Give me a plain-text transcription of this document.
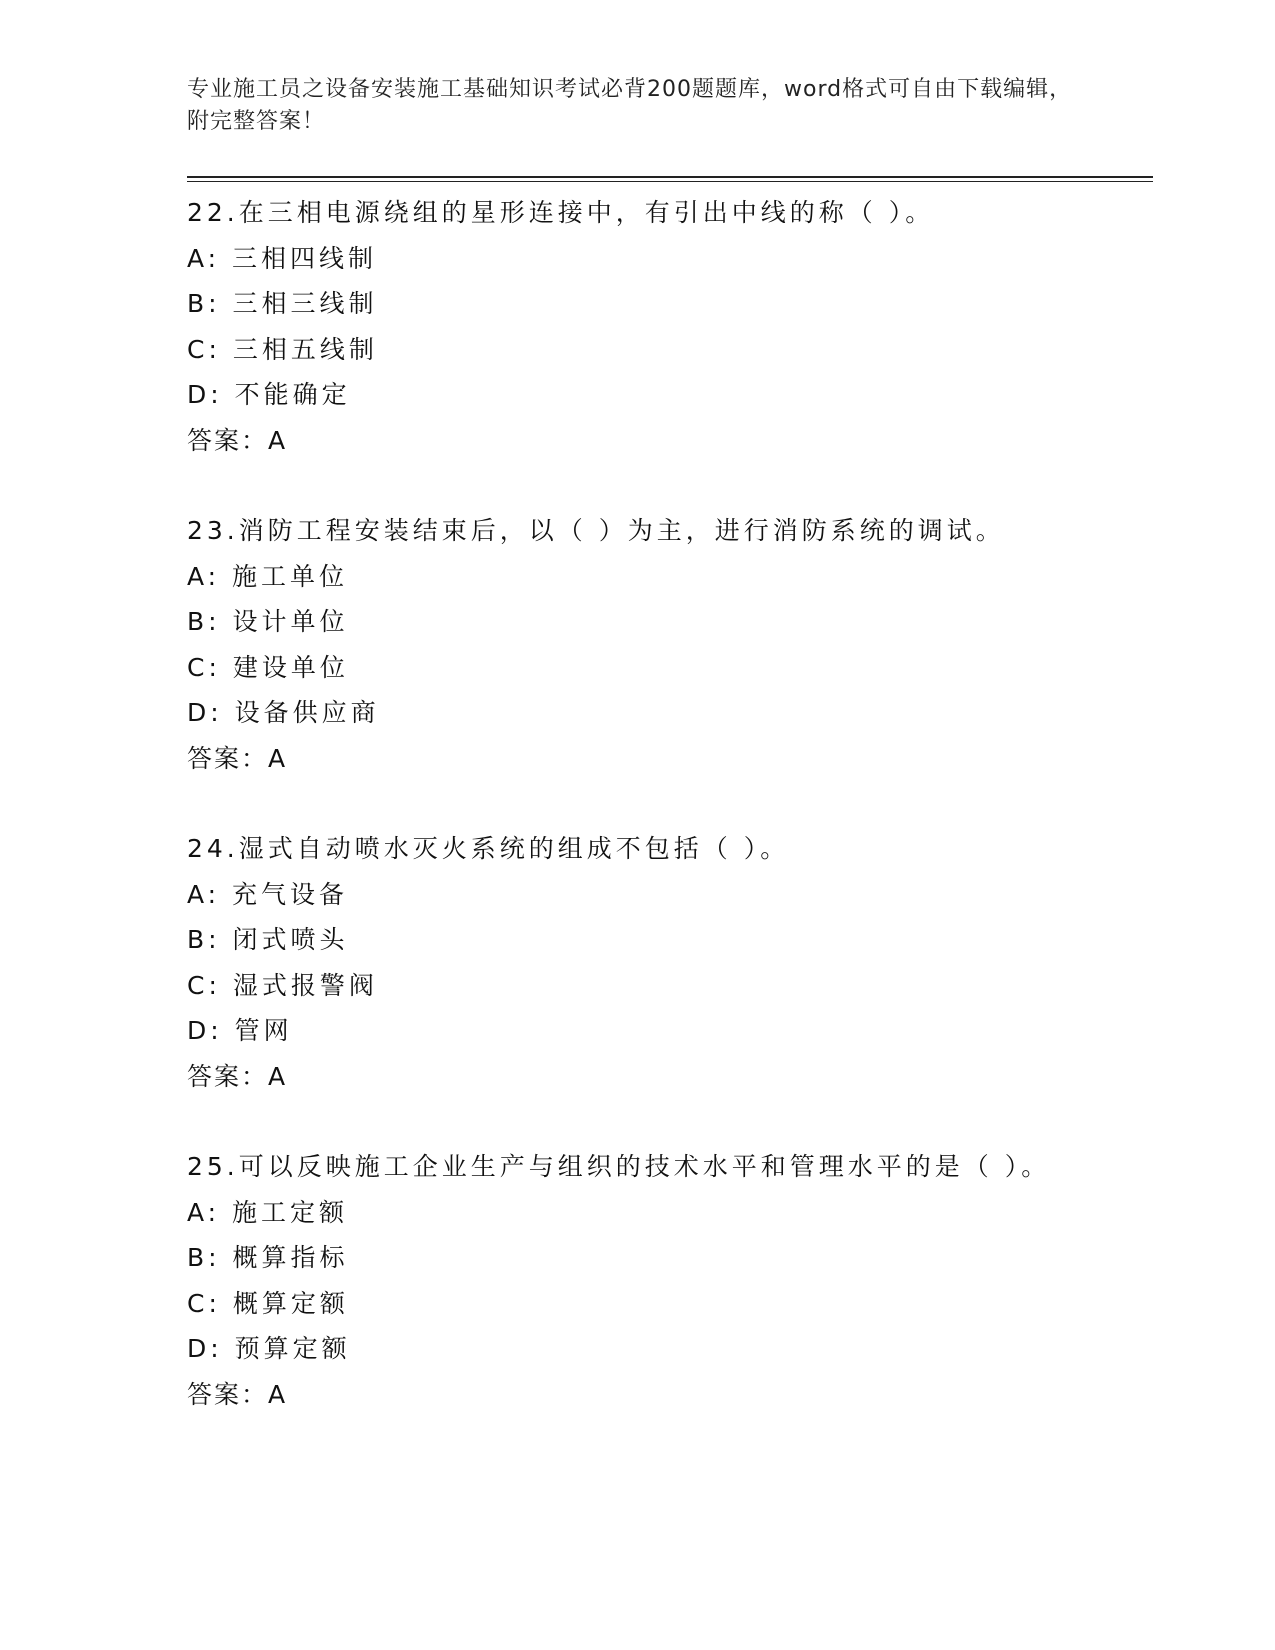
专业施工员之设备安装施工基础知识考试必背200题题库，word格式可自由下载编辑，附完整答案！
22.在三相电源绕组的星形连接中，有引出中线的称（ ）。
A: 三相四线制
B: 三相三线制
C: 三相五线制
D: 不能确定
答案：A
23.消防工程安装结束后，以（ ）为主，进行消防系统的调试。
A: 施工单位
B: 设计单位
C: 建设单位
D: 设备供应商
答案：A
24.湿式自动喷水灭火系统的组成不包括（ ）。
A: 充气设备
B: 闭式喷头
C: 湿式报警阀
D: 管网
答案：A
25.可以反映施工企业生产与组织的技术水平和管理水平的是（ ）。
A: 施工定额
B: 概算指标
C: 概算定额
D: 预算定额
答案：A
